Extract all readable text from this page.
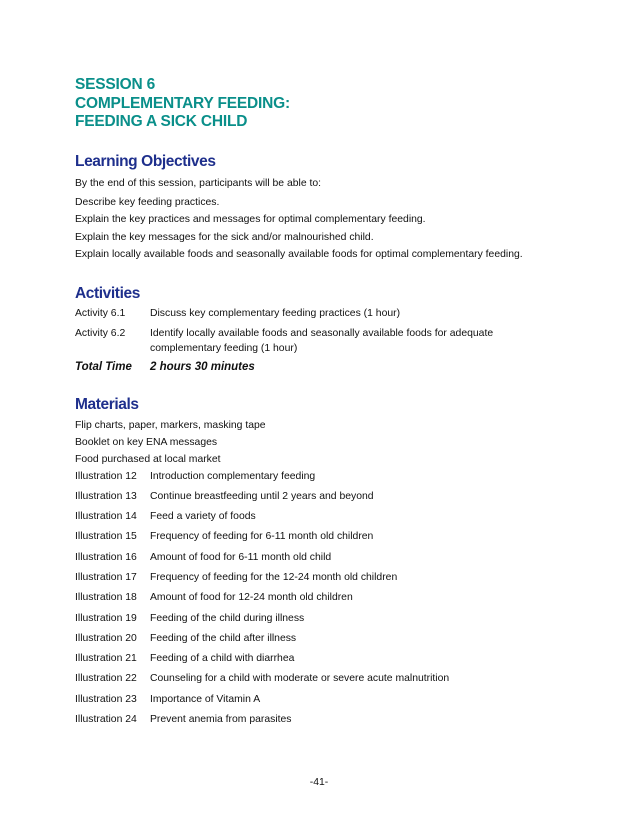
SESSION 6
COMPLEMENTARY FEEDING:
FEEDING A SICK CHILD
Learning Objectives
By the end of this session, participants will be able to:
Describe key feeding practices.
Explain the key practices and messages for optimal complementary feeding.
Explain the key messages for the sick and/or malnourished child.
Explain locally available foods and seasonally available foods for optimal complementary feeding.
Activities
Activity 6.1 Discuss key complementary feeding practices (1 hour)
Activity 6.2 Identify locally available foods and seasonally available foods for adequate complementary feeding (1 hour)
Total Time 2 hours 30 minutes
Materials
Flip charts, paper, markers, masking tape
Booklet on key ENA messages
Food purchased at local market
Illustration 12 Introduction complementary feeding
Illustration 13 Continue breastfeeding until 2 years and beyond
Illustration 14 Feed a variety of foods
Illustration 15 Frequency of feeding for 6-11 month old children
Illustration 16 Amount of food for 6-11 month old child
Illustration 17 Frequency of feeding for the 12-24 month old children
Illustration 18 Amount of food for 12-24 month old children
Illustration 19 Feeding of the child during illness
Illustration 20 Feeding of the child after illness
Illustration 21 Feeding of a child with diarrhea
Illustration 22 Counseling for a child with moderate or severe acute malnutrition
Illustration 23 Importance of Vitamin A
Illustration 24 Prevent anemia from parasites
-41-
